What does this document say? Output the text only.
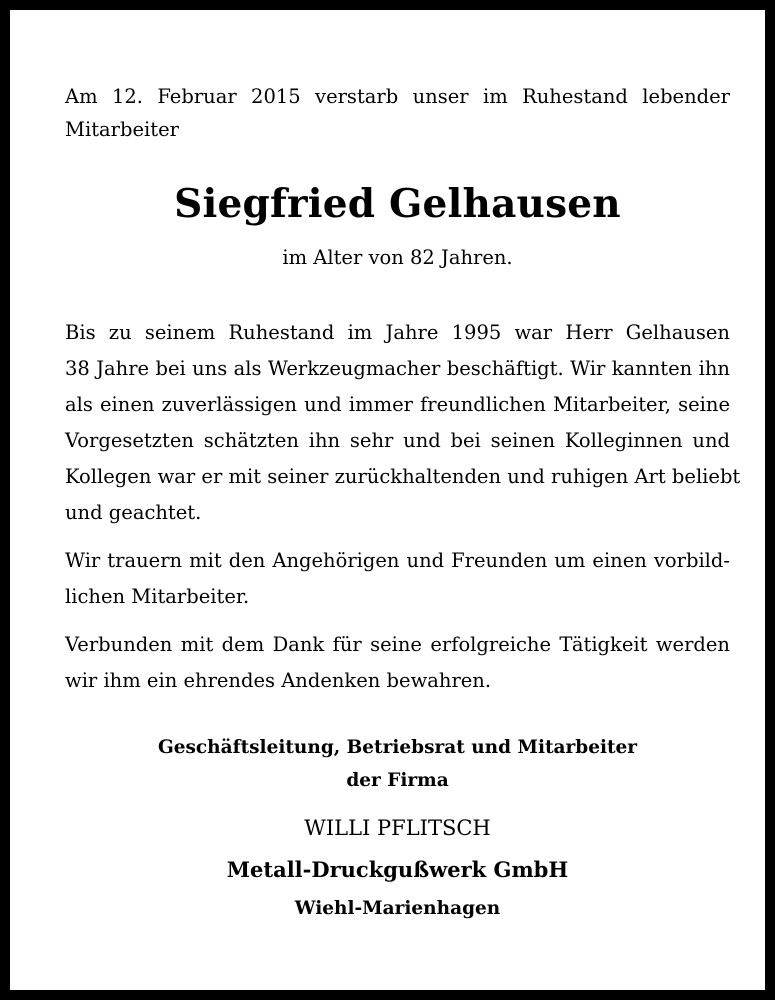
Am 12. Februar 2015 verstarb unser im Ruhestand lebender
Mitarbeiter

Siegfried Gelhausen

im Alter von 82 Jahren.

Bis zu seinem Ruhestand im Jahre 1995 war Herr Gelhausen
38 Jahre bei uns als Werkzeugmacher beschäftigt. Wir kannten ihn
als einen zuverlässigen und immer freundlichen Mitarbeiter, seine
Vorgesetzten schätzten ihn sehr und bei seinen Kolleginnen und
Kollegen war er mit seiner zurückhaltenden und ruhigen Art beliebt
und geachtet.

Wir trauern mit den Angehörigen und Freunden um einen vorbild-
lichen Mitarbeiter.

Verbunden mit dem Dank für seine erfolgreiche Tätigkeit werden
wir ihm ein ehrendes Andenken bewahren.

Geschäftsleitung, Betriebsrat und Mitarbeiter
der Firma
WILLI PFLITSCH
Metall-Druckgußwerk GmbH
Wiehl-Marienhagen
